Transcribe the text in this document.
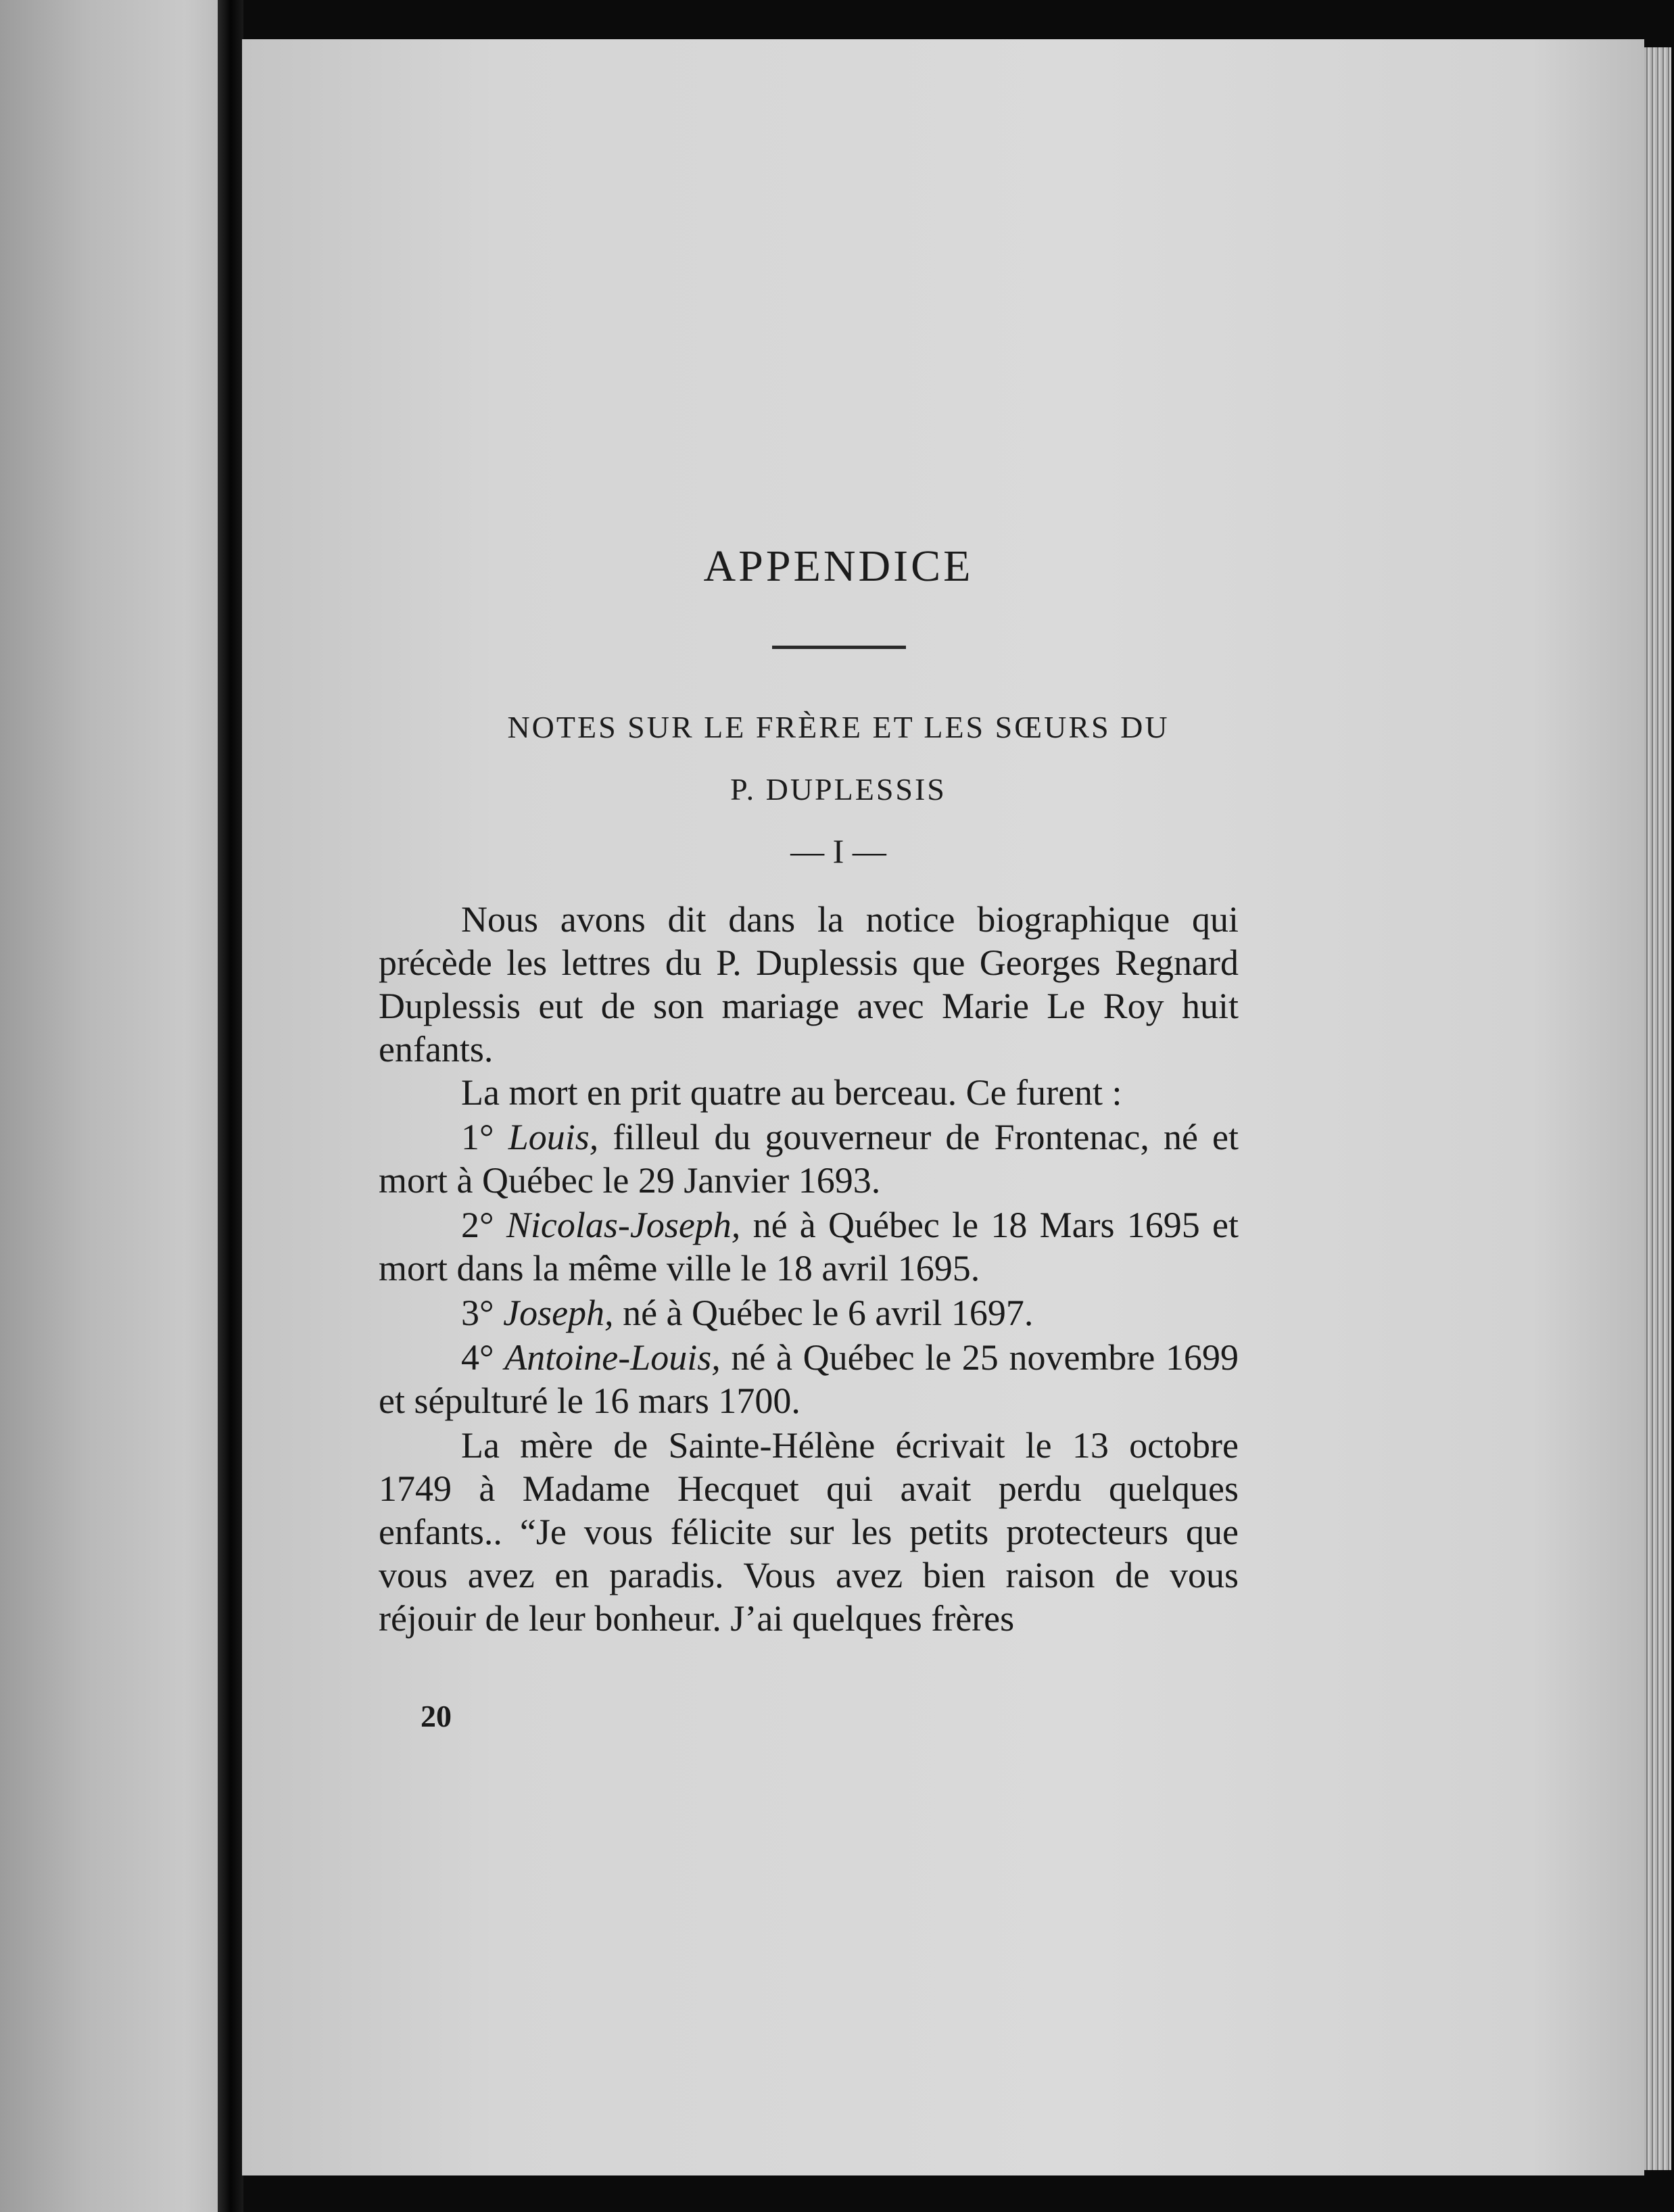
APPENDICE
NOTES SUR LE FRÈRE ET LES SŒURS DU
P. DUPLESSIS
— I —

Nous avons dit dans la notice biographique qui précède les lettres du P. Duplessis que Georges Regnard Duplessis eut de son mariage avec Marie Le Roy huit enfants.

La mort en prit quatre au berceau. Ce furent :

1° Louis, filleul du gouverneur de Frontenac, né et mort à Québec le 29 Janvier 1693.

2° Nicolas-Joseph, né à Québec le 18 Mars 1695 et mort dans la même ville le 18 avril 1695.

3° Joseph, né à Québec le 6 avril 1697.

4° Antoine-Louis, né à Québec le 25 novembre 1699 et sépulturé le 16 mars 1700.

La mère de Sainte-Hélène écrivait le 13 octobre 1749 à Madame Hecquet qui avait perdu quelques enfants.. “Je vous félicite sur les petits protecteurs que vous avez en paradis. Vous avez bien raison de vous réjouir de leur bonheur. J’ai quelques frères

20
